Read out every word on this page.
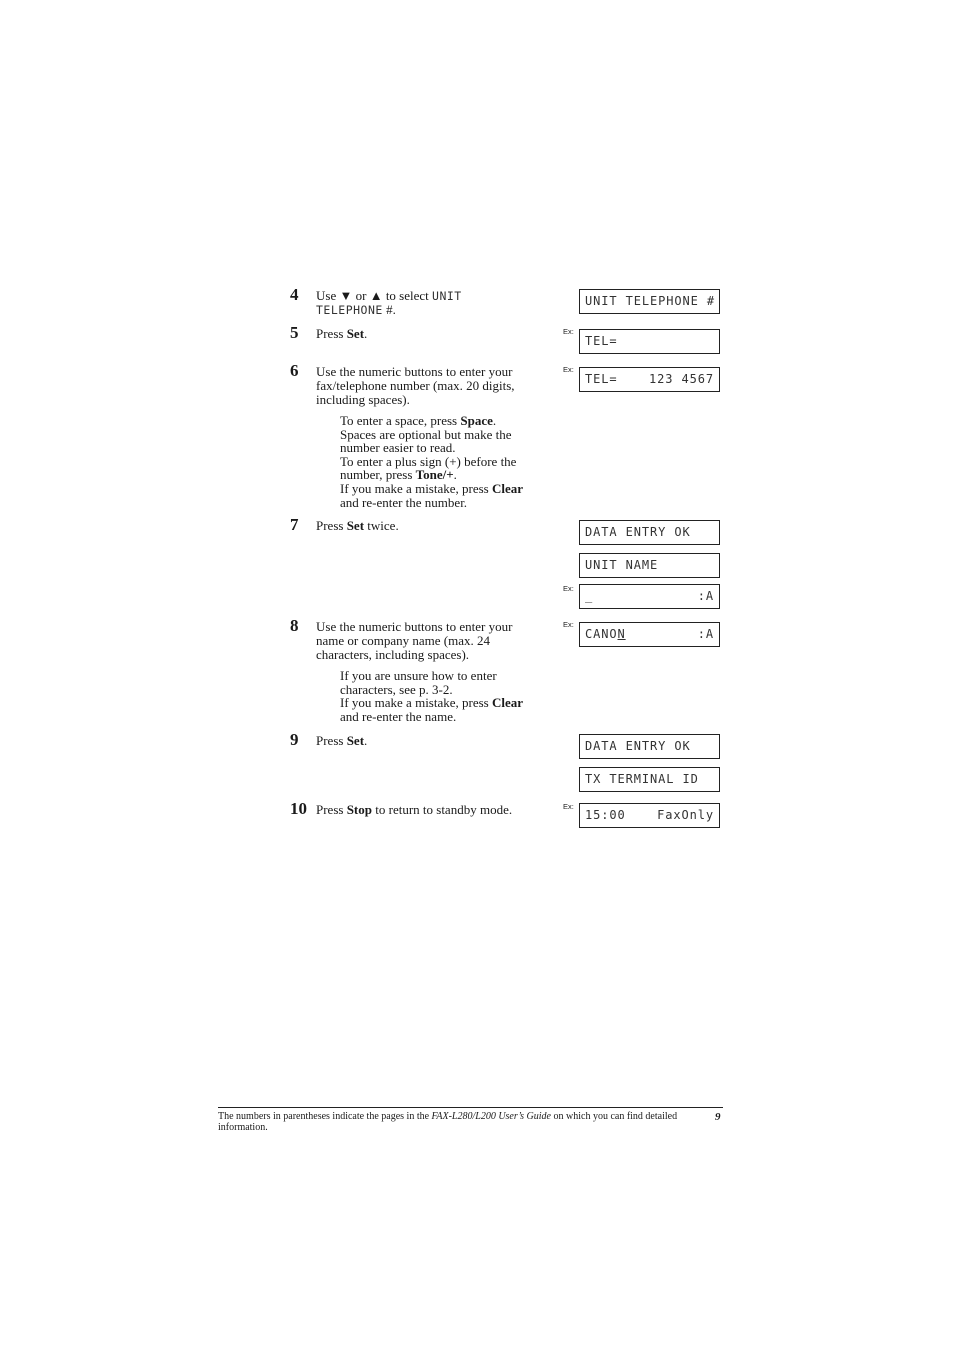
4 Use ▼ or ▲ to select UNIT
TELEPHONE #.
5 Press Set.
6 Use the numeric buttons to enter your fax/telephone number (max. 20 digits, including spaces).
To enter a space, press Space. Spaces are optional but make the number easier to read.
To enter a plus sign (+) before the number, press Tone/+.
If you make a mistake, press Clear and re-enter the number.
7 Press Set twice.
8 Use the numeric buttons to enter your name or company name (max. 24 characters, including spaces).
If you are unsure how to enter characters, see p. 3-2.
If you make a mistake, press Clear and re-enter the name.
9 Press Set.
10 Press Stop to return to standby mode.
UNIT TELEPHONE #
Ex:
TEL=
Ex:
TEL=	123 4567
DATA ENTRY OK
UNIT NAME
Ex:
_	:A
Ex:
CANON	:A
DATA ENTRY OK
TX TERMINAL ID
Ex:
15:00	FaxOnly
The numbers in parentheses indicate the pages in the FAX-L280/L200 User’s Guide on which you can find detailed information.
9
